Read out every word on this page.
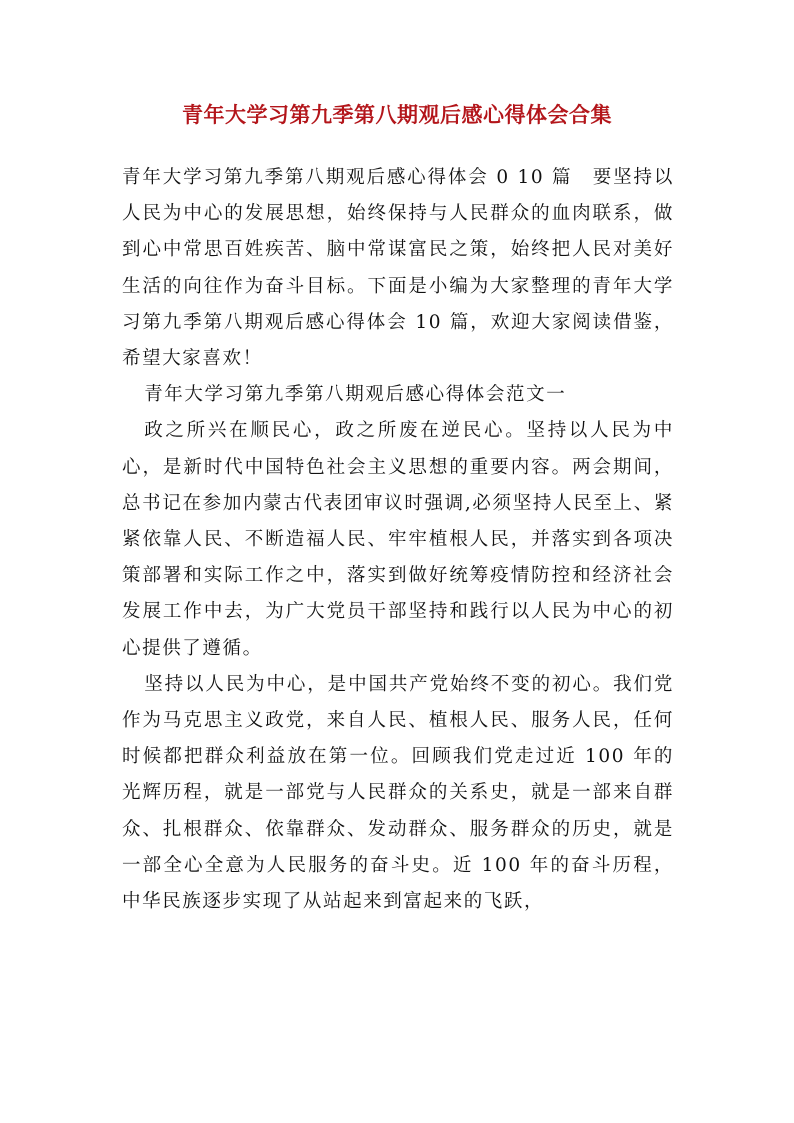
青年大学习第九季第八期观后感心得体会合集

青年大学习第九季第八期观后感心得体会 0 10 篇　要坚持以人民为中心的发展思想，始终保持与人民群众的血肉联系，做到心中常思百姓疾苦、脑中常谋富民之策，始终把人民对美好生活的向往作为奋斗目标。下面是小编为大家整理的青年大学习第九季第八期观后感心得体会 10 篇，欢迎大家阅读借鉴，希望大家喜欢！

青年大学习第九季第八期观后感心得体会范文一

政之所兴在顺民心，政之所废在逆民心。坚持以人民为中心，是新时代中国特色社会主义思想的重要内容。两会期间，总书记在参加内蒙古代表团审议时强调,必须坚持人民至上、紧紧依靠人民、不断造福人民、牢牢植根人民，并落实到各项决策部署和实际工作之中，落实到做好统筹疫情防控和经济社会发展工作中去，为广大党员干部坚持和践行以人民为中心的初心提供了遵循。

坚持以人民为中心，是中国共产党始终不变的初心。我们党作为马克思主义政党，来自人民、植根人民、服务人民，任何时候都把群众利益放在第一位。回顾我们党走过近 100 年的光辉历程，就是一部党与人民群众的关系史，就是一部来自群众、扎根群众、依靠群众、发动群众、服务群众的历史，就是一部全心全意为人民服务的奋斗史。近 100 年的奋斗历程，中华民族逐步实现了从站起来到富起来的飞跃，
